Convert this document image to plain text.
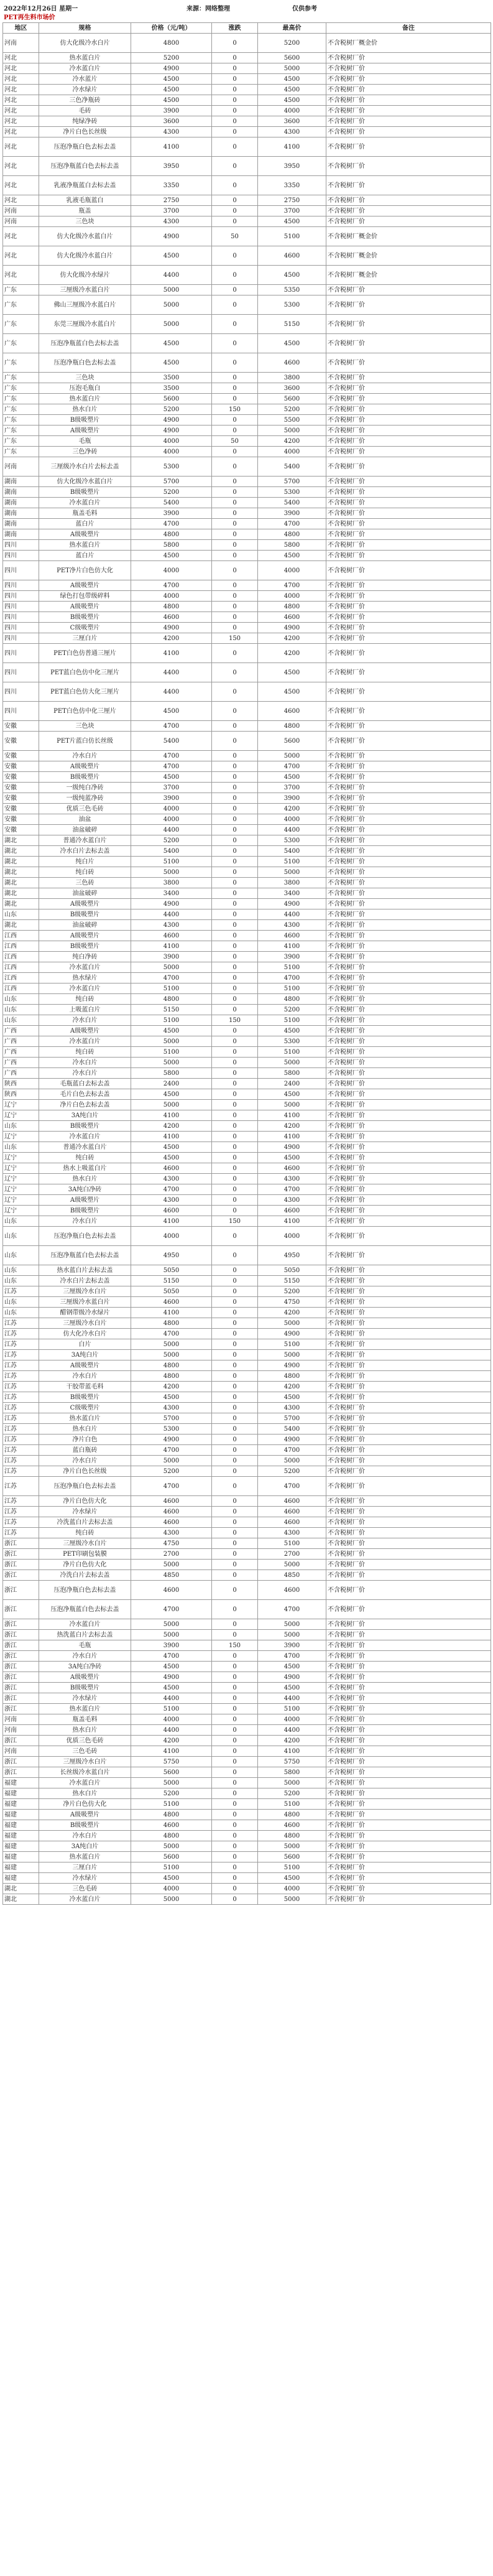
2022年12月26日 星期一	来源：网络整理	仅供参考
PET再生料市场价
地区	规格	价格（元/吨）	涨跌	最高价	备注
河南	仿大化级冷水白片	4800	0	5200	不含税树厂概金价
河北	热水蓝白片	5200	0	5600	不含税树厂价
河北	冷水蓝白片	4900	0	5000	不含税树厂价
河北	冷水蓝片	4500	0	4500	不含税树厂价
河北	冷水绿片	4500	0	4500	不含税树厂价
河北	三色净瓶砖	4500	0	4500	不含税树厂价
河北	毛砖	3900	0	4000	不含税树厂价
河北	纯绿净砖	3600	0	3600	不含税树厂价
河北	净片白色长丝级	4300	0	4300	不含税树厂价
河北	压泡净瓶白色去标去盖	4100	0	4100	不含税树厂价
河北	压泡净瓶蓝白色去标去盖	3950	0	3950	不含税树厂价
河北	乳液净瓶蓝白去标去盖	3350	0	3350	不含税树厂价
河北	乳液毛瓶蓝白	2750	0	2750	不含税树厂价
河南	瓶盖	3700	0	3700	不含税树厂价
河南	三色块	4300	0	4500	不含税树厂价
河北	仿大化级冷水蓝白片	4900	50	5100	不含税树厂概金价
河北	仿大化级冷水蓝白片	4500	0	4600	不含税树厂概金价
河北	仿大化级冷水绿片	4400	0	4500	不含税树厂概金价
广东	三厘级冷水蓝白片	5000	0	5350	不含税树厂价
广东	佛山三厘级冷水蓝白片	5000	0	5300	不含税树厂价
广东	东莞三厘级冷水蓝白片	5000	0	5150	不含税树厂价
广东	压泡净瓶蓝白色去标去盖	4500	0	4500	不含税树厂价
广东	压泡净瓶白色去标去盖	4500	0	4600	不含税树厂价
广东	三色块	3500	0	3800	不含税树厂价
广东	压泡毛瓶白	3500	0	3600	不含税树厂价
广东	热水蓝白片	5600	0	5600	不含税树厂价
广东	热水白片	5200	150	5200	不含税树厂价
广东	B级吸塑片	4900	0	5500	不含税树厂价
广东	A级吸塑片	4900	0	5000	不含税树厂价
广东	毛瓶	4000	50	4200	不含税树厂价
广东	三色净砖	4000	0	4000	不含税树厂价
河南	三厘级冷水白片去标去盖	5300	0	5400	不含税树厂价
湖南	仿大化级冷水蓝白片	5700	0	5700	不含税树厂价
湖南	B级吸塑片	5200	0	5300	不含税树厂价
湖南	冷水蓝白片	5400	0	5400	不含税树厂价
湖南	瓶盖毛料	3900	0	3900	不含税树厂价
湖南	蓝白片	4700	0	4700	不含税树厂价
湖南	A级吸塑片	4800	0	4800	不含税树厂价
四川	热水蓝白片	5800	0	5800	不含税树厂价
四川	蓝白片	4500	0	4500	不含税树厂价
四川	PET净片白色仿大化	4000	0	4000	不含税树厂价
四川	A级吸塑片	4700	0	4700	不含税树厂价
四川	绿色打包带级碎料	4000	0	4000	不含税树厂价
四川	A级吸塑片	4800	0	4800	不含税树厂价
四川	B级吸塑片	4600	0	4600	不含税树厂价
四川	C级吸塑片	4900	0	4900	不含税树厂价
四川	三厘白片	4200	150	4200	不含税树厂价
四川	PET白色仿普通三厘片	4100	0	4200	不含税树厂价
四川	PET蓝白色仿中化三厘片	4400	0	4500	不含税树厂价
四川	PET蓝白色仿大化三厘片	4400	0	4500	不含税树厂价
四川	PET白色仿中化三厘片	4500	0	4600	不含税树厂价
安徽	三色块	4700	0	4800	不含税树厂价
安徽	PET片蓝白仿长丝级	5400	0	5600	不含税树厂价
安徽	冷水白片	4700	0	5000	不含税树厂价
安徽	A级吸塑片	4700	0	4700	不含税树厂价
安徽	B级吸塑片	4500	0	4500	不含税树厂价
安徽	一级纯白净砖	3700	0	3700	不含税树厂价
安徽	一级纯蓝净砖	3900	0	3900	不含税树厂价
安徽	优质三色毛砖	4000	0	4200	不含税树厂价
安徽	油盆	4000	0	4000	不含税树厂价
安徽	油盆破碎	4400	0	4400	不含税树厂价
湖北	普通冷水蓝白片	5200	0	5300	不含税树厂价
湖北	冷水白片去标去盖	5400	0	5400	不含税树厂价
湖北	纯白片	5100	0	5100	不含税树厂价
湖北	纯白砖	5000	0	5000	不含税树厂价
湖北	三色砖	3800	0	3800	不含税树厂价
湖北	油盆破碎	3400	0	3400	不含税树厂价
湖北	A级吸塑片	4900	0	4900	不含税树厂价
山东	B级吸塑片	4400	0	4400	不含税树厂价
湖北	油盆破碎	4300	0	4300	不含税树厂价
江西	A级吸塑片	4600	0	4600	不含税树厂价
江西	B级吸塑片	4100	0	4100	不含税树厂价
江西	纯白净砖	3900	0	3900	不含税树厂价
江西	冷水蓝白片	5000	0	5100	不含税树厂价
江西	热水绿片	4700	0	4700	不含税树厂价
江西	冷水蓝白片	5100	0	5100	不含税树厂价
山东	纯白砖	4800	0	4800	不含税树厂价
山东	上吸蓝白片	5150	0	5200	不含税树厂价
山东	冷水白片	5100	150	5100	不含税树厂价
广西	A级吸塑片	4500	0	4500	不含税树厂价
广西	冷水蓝白片	5000	0	5300	不含税树厂价
广西	纯白砖	5100	0	5100	不含税树厂价
广西	冷水白片	5000	0	5000	不含税树厂价
广西	冷水白片	5800	0	5800	不含税树厂价
陕西	毛瓶蓝白去标去盖	2400	0	2400	不含税树厂价
陕西	毛片白色去标去盖	4500	0	4500	不含税树厂价
辽宁	净片白色去标去盖	5000	0	5000	不含税树厂价
辽宁	3A纯白片	4100	0	4100	不含税树厂价
山东	B级吸塑片	4200	0	4200	不含税树厂价
辽宁	冷水蓝白片	4100	0	4100	不含税树厂价
山东	普通冷水蓝白片	4500	0	4900	不含税树厂价
辽宁	纯白砖	4500	0	4500	不含税树厂价
辽宁	热水上吸蓝白片	4600	0	4600	不含税树厂价
辽宁	热水白片	4300	0	4300	不含税树厂价
辽宁	3A纯白净砖	4700	0	4700	不含税树厂价
辽宁	A级吸塑片	4300	0	4300	不含税树厂价
辽宁	B级吸塑片	4600	0	4600	不含税树厂价
山东	冷水白片	4100	150	4100	不含税树厂价
山东	压泡净瓶白色去标去盖	4000	0	4000	不含税树厂价
山东	压泡净瓶蓝白色去标去盖	4950	0	4950	不含税树厂价
山东	热水蓝白片去标去盖	5050	0	5050	不含税树厂价
山东	冷水白片去标去盖	5150	0	5150	不含税树厂价
江苏	三厘级冷水白片	5050	0	5200	不含税树厂价
山东	三厘级冷水蓝白片	4600	0	4750	不含税树厂价
山东	醋钢带级冷水绿片	4100	0	4200	不含税树厂价
江苏	三厘级冷水白片	4800	0	5000	不含税树厂价
江苏	仿大化冷水白片	4700	0	4900	不含税树厂价
江苏	白片	5000	0	5100	不含税树厂价
江苏	3A纯白片	5000	0	5000	不含税树厂价
江苏	A级吸塑片	4800	0	4900	不含税树厂价
江苏	冷水白片	4800	0	4800	不含税树厂价
江苏	干胶带蓝毛料	4200	0	4200	不含税树厂价
江苏	B级吸塑片	4500	0	4500	不含税树厂价
江苏	C级吸塑片	4300	0	4300	不含税树厂价
江苏	热水蓝白片	5700	0	5700	不含税树厂价
江苏	热水白片	5300	0	5400	不含税树厂价
江苏	净片白色	4900	0	4900	不含税树厂价
江苏	蓝白瓶砖	4700	0	4700	不含税树厂价
江苏	冷水白片	5000	0	5000	不含税树厂价
江苏	净片白色长丝级	5200	0	5200	不含税树厂价
江苏	压泡净瓶白色去标去盖	4700	0	4700	不含税树厂价
江苏	净片白色仿大化	4600	0	4600	不含税树厂价
江苏	冷水绿片	4600	0	4600	不含税树厂价
江苏	冷洗蓝白片去标去盖	4600	0	4600	不含税树厂价
江苏	纯白砖	4300	0	4300	不含税树厂价
浙江	三厘级冷水白片	4750	0	5100	不含税树厂价
浙江	PET印刷包装膜	2700	0	2700	不含税树厂价
浙江	净片白色仿大化	5000	0	5000	不含税树厂价
浙江	冷洗白片去标去盖	4850	0	4850	不含税树厂价
浙江	压泡净瓶白色去标去盖	4600	0	4600	不含税树厂价
浙江	压泡净瓶蓝白色去标去盖	4700	0	4700	不含税树厂价
浙江	冷水蓝白片	5000	0	5000	不含税树厂价
浙江	热洗蓝白片去标去盖	5000	0	5000	不含税树厂价
浙江	毛瓶	3900	150	3900	不含税树厂价
浙江	冷水白片	4700	0	4700	不含税树厂价
浙江	3A纯白净砖	4500	0	4500	不含税树厂价
浙江	A级吸塑片	4900	0	4900	不含税树厂价
浙江	B级吸塑片	4500	0	4500	不含税树厂价
浙江	冷水绿片	4400	0	4400	不含税树厂价
浙江	热水蓝白片	5100	0	5100	不含税树厂价
河南	瓶盖毛料	4000	0	4000	不含税树厂价
河南	热水白片	4400	0	4400	不含税树厂价
浙江	优质三色毛砖	4200	0	4200	不含税树厂价
河南	三色毛砖	4100	0	4100	不含税树厂价
浙江	三厘级冷水白片	5750	0	5750	不含税树厂价
浙江	长丝级冷水蓝白片	5600	0	5800	不含税树厂价
福建	冷水蓝白片	5000	0	5000	不含税树厂价
福建	热水白片	5200	0	5200	不含税树厂价
福建	净片白色仿大化	5100	0	5100	不含税树厂价
福建	A级吸塑片	4800	0	4800	不含税树厂价
福建	B级吸塑片	4600	0	4600	不含税树厂价
福建	冷水白片	4800	0	4800	不含税树厂价
福建	3A纯白片	5000	0	5000	不含税树厂价
福建	热水蓝白片	5600	0	5600	不含税树厂价
福建	三厘白片	5100	0	5100	不含税树厂价
福建	冷水绿片	4500	0	4500	不含税树厂价
湖北	三色毛砖	4000	0	4000	不含税树厂价
湖北	冷水蓝白片	5000	0	5000	不含税树厂价
